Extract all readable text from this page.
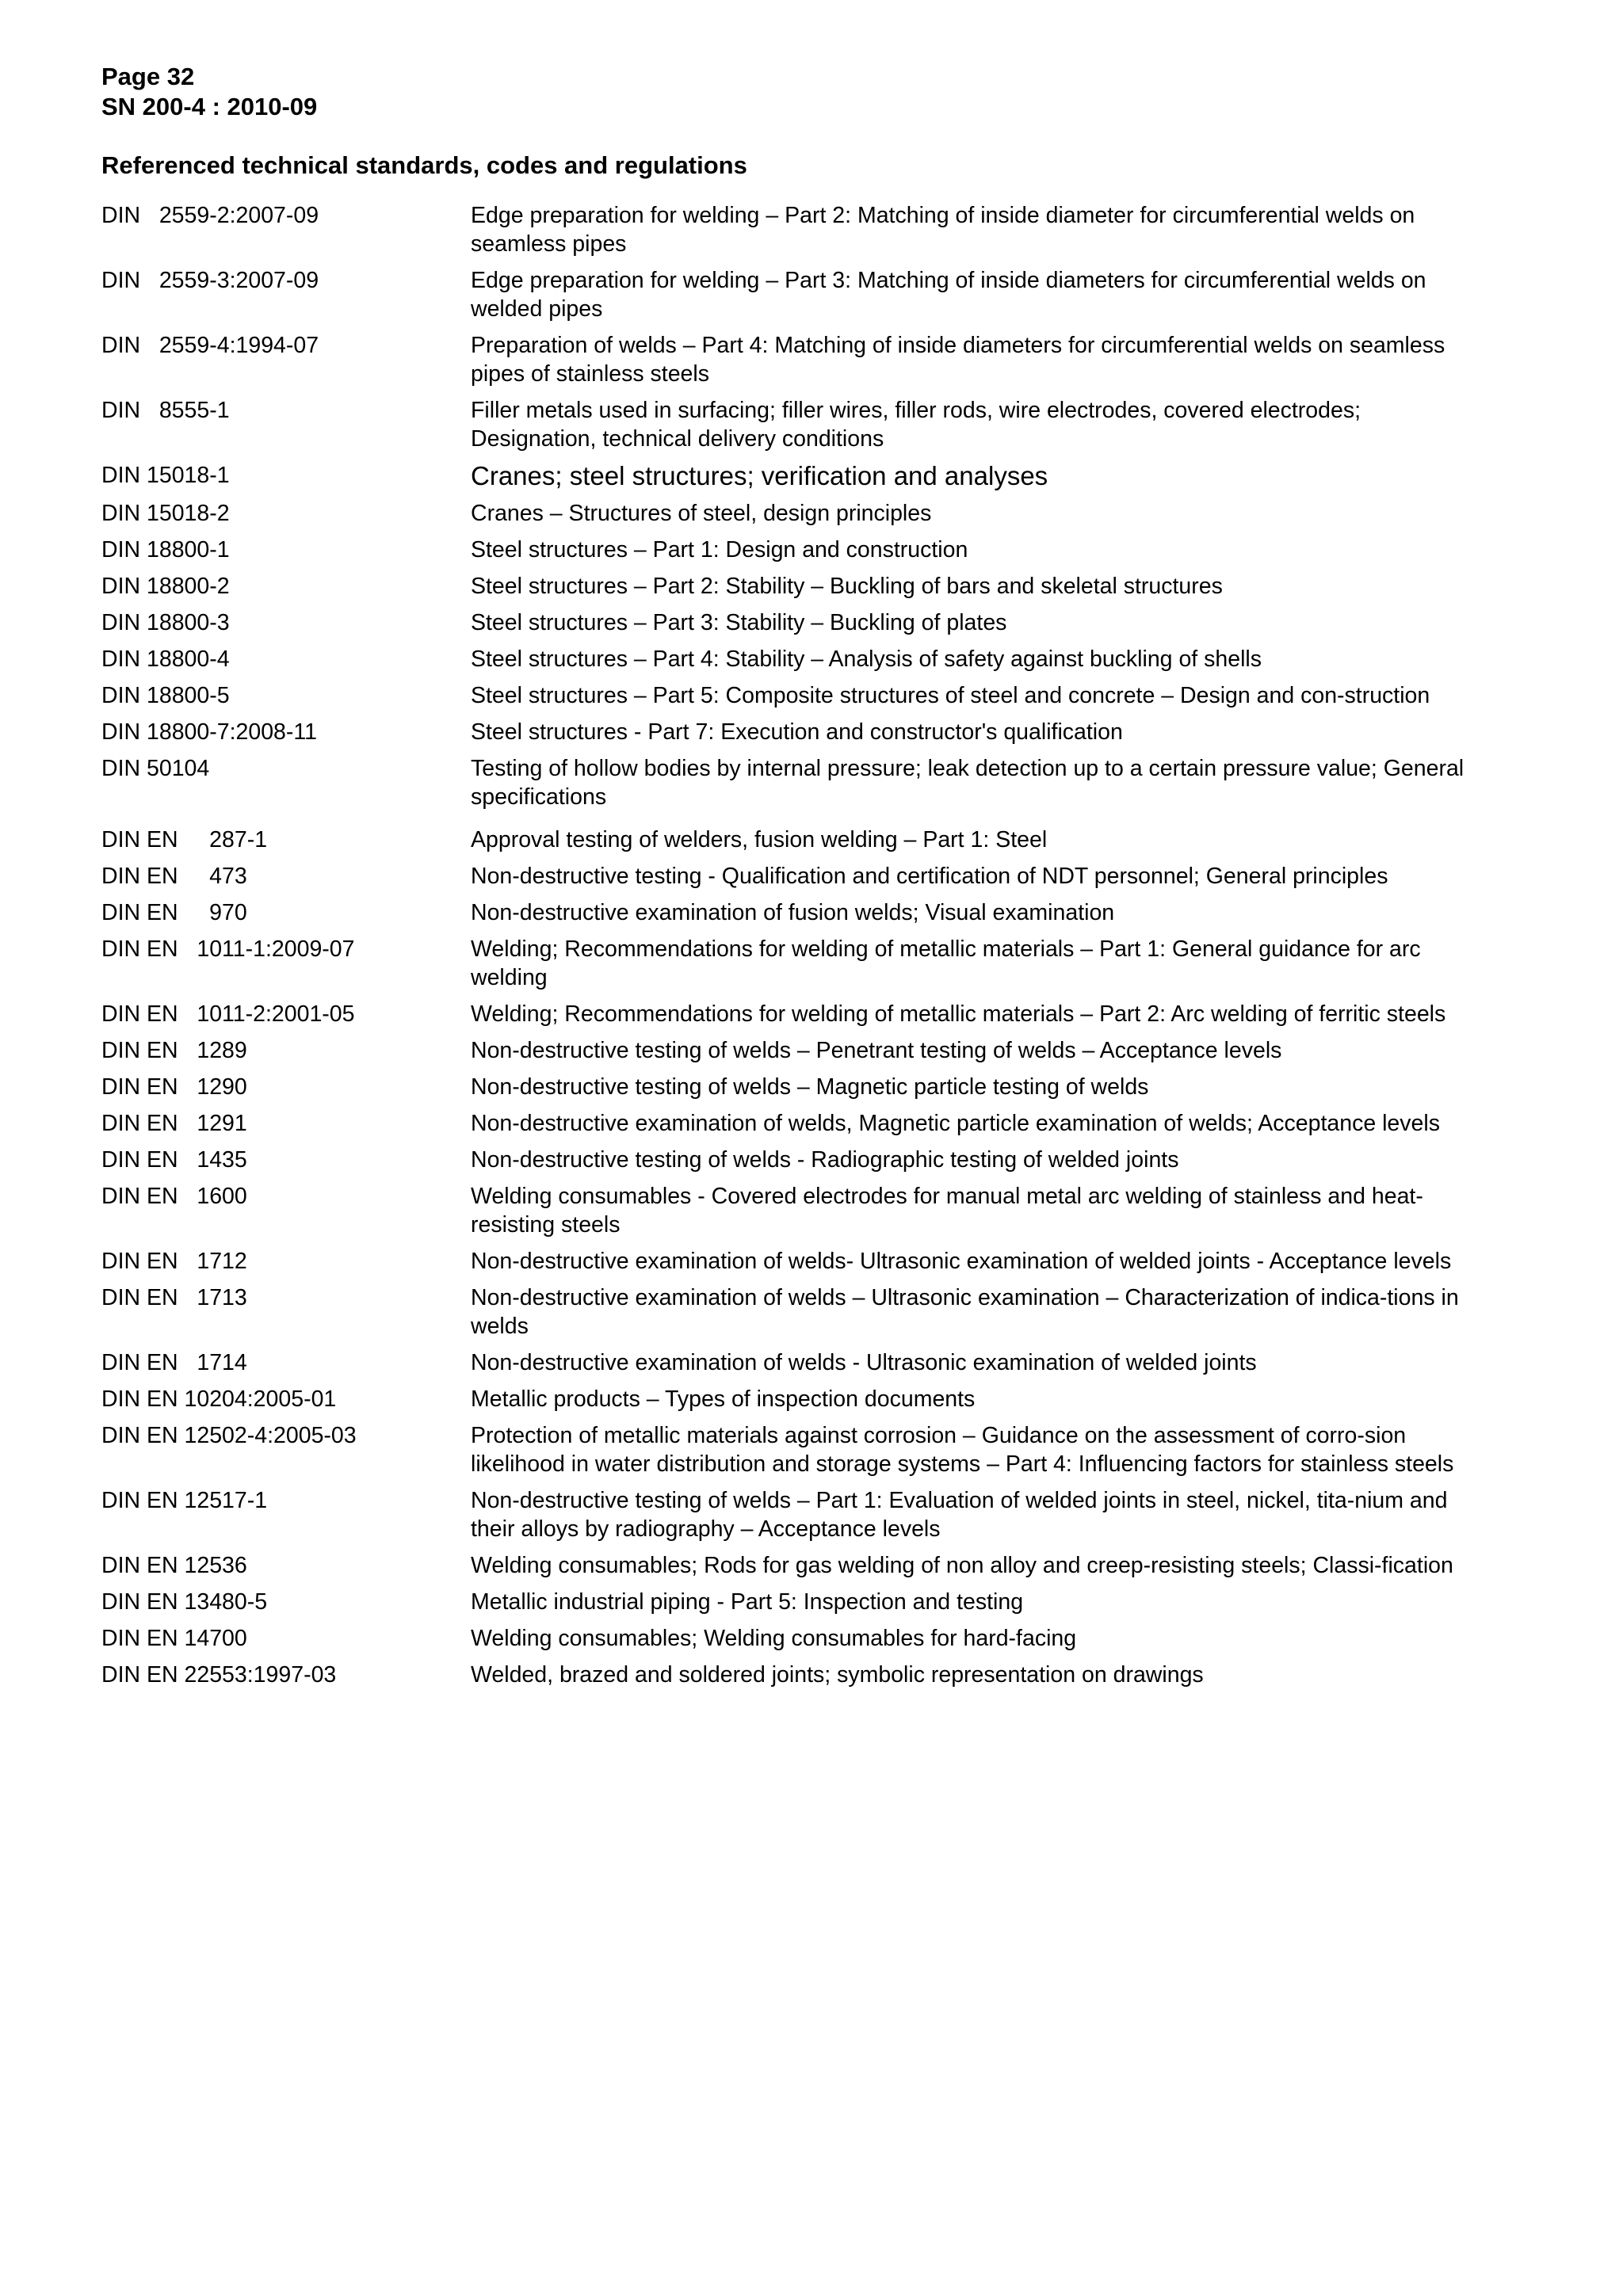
Page 32
SN 200-4 : 2010-09
Referenced technical standards, codes and regulations
DIN   2559-2:2007-09	Edge preparation for welding – Part 2: Matching of inside diameter for circumferential welds on seamless pipes
DIN   2559-3:2007-09	Edge preparation for welding – Part 3: Matching of inside diameters for circumferential welds on welded pipes
DIN   2559-4:1994-07	Preparation of welds – Part 4: Matching of inside diameters for circumferential welds on seamless pipes of stainless steels
DIN   8555-1	Filler metals used in surfacing; filler wires, filler rods, wire electrodes, covered electrodes; Designation, technical delivery conditions
DIN 15018-1	Cranes; steel structures; verification and analyses
DIN 15018-2	Cranes – Structures of steel, design principles
DIN 18800-1	Steel structures – Part 1: Design and construction
DIN 18800-2	Steel structures – Part 2: Stability – Buckling of bars and skeletal structures
DIN 18800-3	Steel structures – Part 3: Stability – Buckling of plates
DIN 18800-4	Steel structures – Part 4: Stability – Analysis of safety against buckling of shells
DIN 18800-5	Steel structures – Part 5: Composite structures of steel and concrete – Design and con-struction
DIN 18800-7:2008-11	Steel structures - Part 7: Execution and constructor's qualification
DIN 50104	Testing of hollow bodies by internal pressure; leak detection up to a certain pressure value; General specifications
DIN EN     287-1	Approval testing of welders, fusion welding – Part 1: Steel
DIN EN     473	Non-destructive testing - Qualification and certification of NDT personnel; General principles
DIN EN     970	Non-destructive examination of fusion welds; Visual examination
DIN EN   1011-1:2009-07	Welding; Recommendations for welding of metallic materials – Part 1: General guidance for arc welding
DIN EN   1011-2:2001-05	Welding; Recommendations for welding of metallic materials – Part 2: Arc welding of ferritic steels
DIN EN   1289	Non-destructive testing of welds – Penetrant testing of welds – Acceptance levels
DIN EN   1290	Non-destructive testing of welds – Magnetic particle testing of welds
DIN EN   1291	Non-destructive examination of welds, Magnetic particle examination of welds; Acceptance levels
DIN EN   1435	Non-destructive testing of welds - Radiographic testing of welded joints
DIN EN   1600	Welding consumables - Covered electrodes for manual metal arc welding of stainless and heat-resisting steels
DIN EN   1712	Non-destructive examination of welds- Ultrasonic examination of welded joints - Acceptance levels
DIN EN   1713	Non-destructive examination of welds – Ultrasonic examination – Characterization of indica-tions in welds
DIN EN   1714	Non-destructive examination of welds - Ultrasonic examination of welded joints
DIN EN 10204:2005-01	Metallic products – Types of inspection documents
DIN EN 12502-4:2005-03	Protection of metallic materials against corrosion – Guidance on the assessment of corro-sion likelihood in water distribution and storage systems – Part 4: Influencing factors for stainless steels
DIN EN 12517-1	Non-destructive testing of welds – Part 1: Evaluation of welded joints in steel, nickel, tita-nium and their alloys by radiography – Acceptance levels
DIN EN 12536	Welding consumables; Rods for gas welding of non alloy and creep-resisting steels; Classi-fication
DIN EN 13480-5	Metallic industrial piping - Part 5: Inspection and testing
DIN EN 14700	Welding consumables; Welding consumables for hard-facing
DIN EN 22553:1997-03	Welded, brazed and soldered joints; symbolic representation on drawings
